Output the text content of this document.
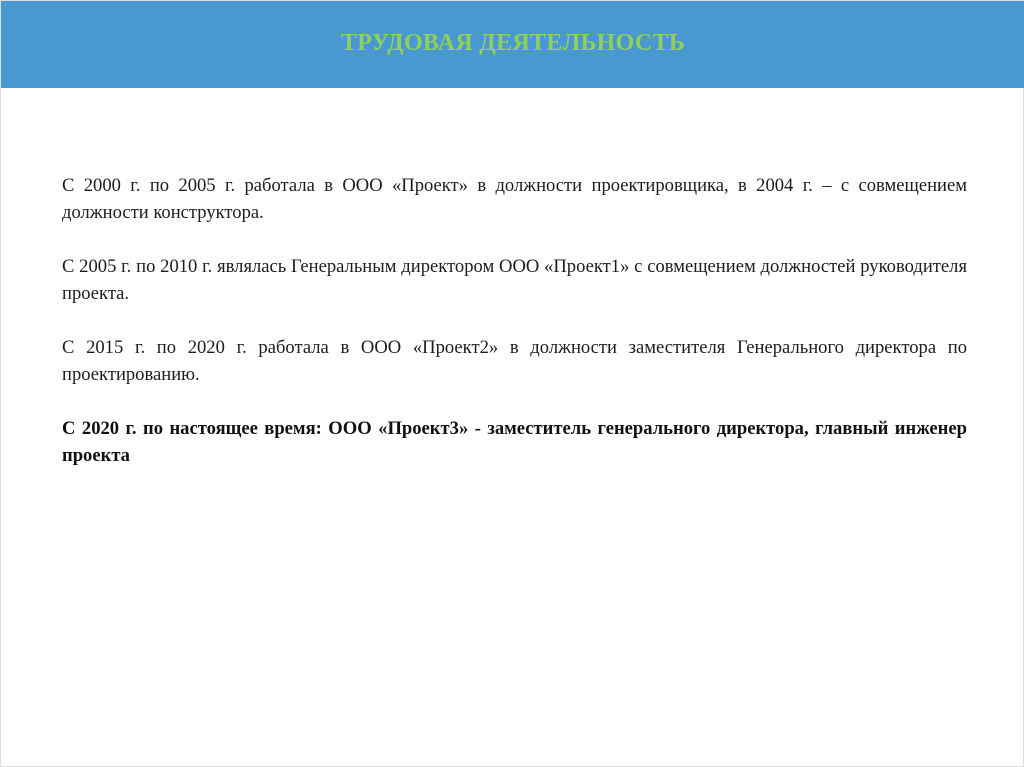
ТРУДОВАЯ ДЕЯТЕЛЬНОСТЬ

С 2000 г. по 2005 г. работала в ООО «Проект» в должности проектировщика, в 2004 г. – с совмещением должности конструктора.

С 2005 г. по 2010 г. являлась Генеральным директором ООО «Проект1» с совмещением должностей руководителя проекта.

С 2015 г. по 2020 г. работала в ООО «Проект2» в должности заместителя Генерального директора по проектированию.

С 2020 г. по настоящее время: ООО «Проект3» - заместитель генерального директора, главный инженер проекта
